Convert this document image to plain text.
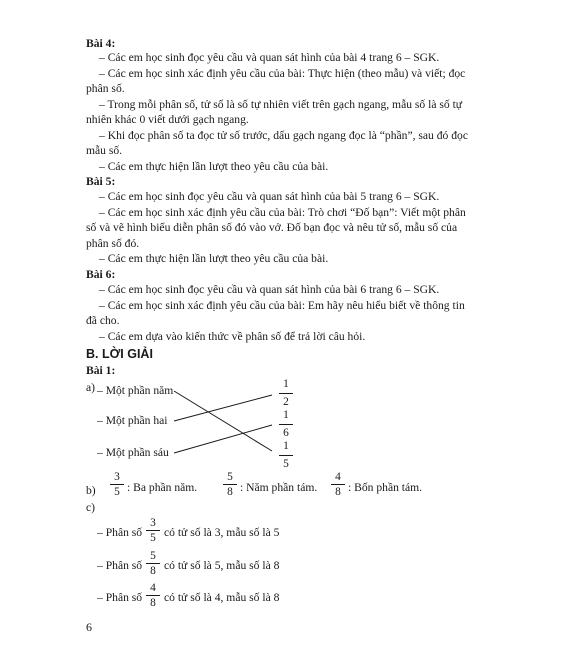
Bài 4:
– Các em học sinh đọc yêu cầu và quan sát hình của bài 4 trang 6 – SGK.
– Các em học sinh xác định yêu cầu của bài: Thực hiện (theo mẫu) và viết; đọc
phân số.
– Trong mỗi phân số, tử số là số tự nhiên viết trên gạch ngang, mẫu số là số tự
nhiên khác 0 viết dưới gạch ngang.
– Khi đọc phân số ta đọc tử số trước, dấu gạch ngang đọc là “phần”, sau đó đọc
mẫu số.
– Các em thực hiện lần lượt theo yêu cầu của bài.
Bài 5:
– Các em học sinh đọc yêu cầu và quan sát hình của bài 5 trang 6 – SGK.
– Các em học sinh xác định yêu cầu của bài: Trò chơi “Đố bạn”: Viết một phân
số và vẽ hình biểu diễn phân số đó vào vở. Đố bạn đọc và nêu tử số, mẫu số của
phân số đó.
– Các em thực hiện lần lượt theo yêu cầu của bài.
Bài 6:
– Các em học sinh đọc yêu cầu và quan sát hình của bài 6 trang 6 – SGK.
– Các em học sinh xác định yêu cầu của bài: Em hãy nêu hiểu biết về thông tin
đã cho.
– Các em dựa vào kiến thức về phân số để trả lời câu hỏi.
B. LỜI GIẢI
Bài 1:
a) – Một phần năm
– Một phần hai
– Một phần sáu
1
2
1
6
1
5
b)
3
5 : Ba phần năm.
5
8 : Năm phần tám.
4
8 : Bốn phần tám.
c)
– Phân số
3
5 có tử số là 3, mẫu số là 5
– Phân số
5
8 có tử số là 5, mẫu số là 8
– Phân số
4
8 có tử số là 4, mẫu số là 8
6
